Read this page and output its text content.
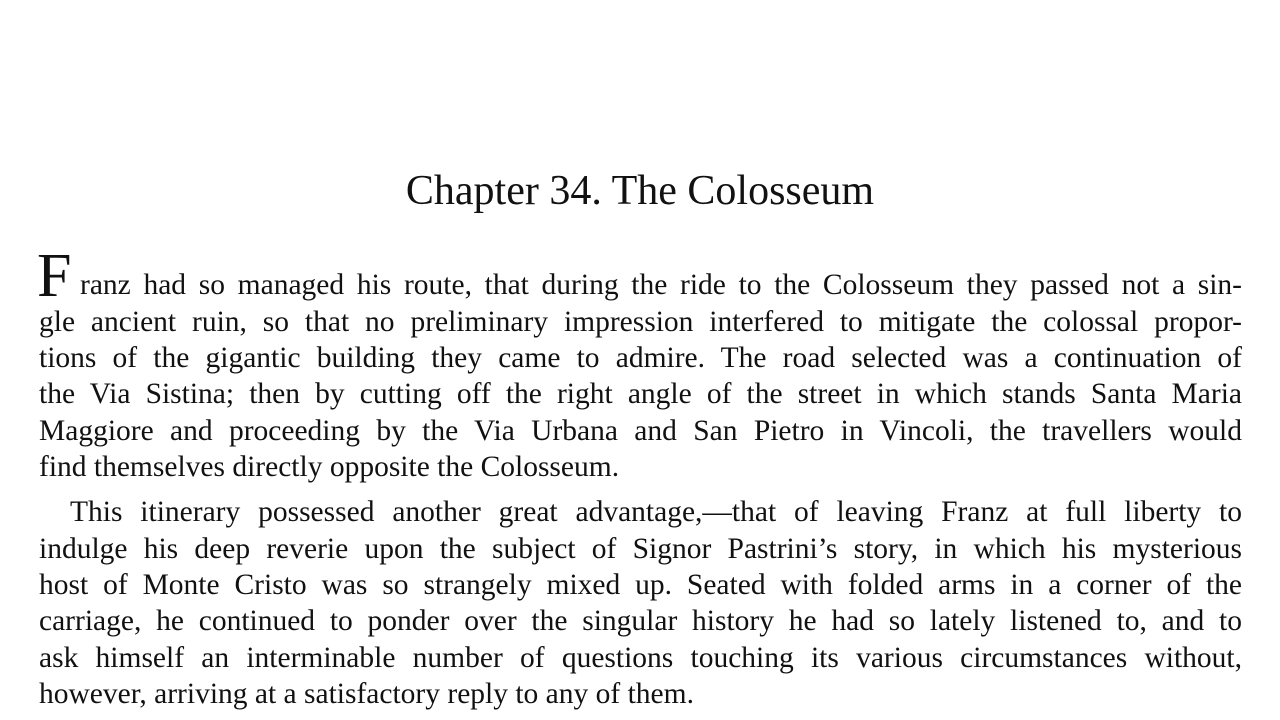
Chapter 34. The Colosseum
F ranz had so managed his route, that during the ride to the Colosseum they passed not a sin-
gle ancient ruin, so that no preliminary impression interfered to mitigate the colossal propor-
tions of the gigantic building they came to admire. The road selected was a continuation of
the Via Sistina; then by cutting off the right angle of the street in which stands Santa Maria
Maggiore and proceeding by the Via Urbana and San Pietro in Vincoli, the travellers would
find themselves directly opposite the Colosseum.
This itinerary possessed another great advantage,—that of leaving Franz at full liberty to
indulge his deep reverie upon the subject of Signor Pastrini’s story, in which his mysterious
host of Monte Cristo was so strangely mixed up. Seated with folded arms in a corner of the
carriage, he continued to ponder over the singular history he had so lately listened to, and to
ask himself an interminable number of questions touching its various circumstances without,
however, arriving at a satisfactory reply to any of them.
